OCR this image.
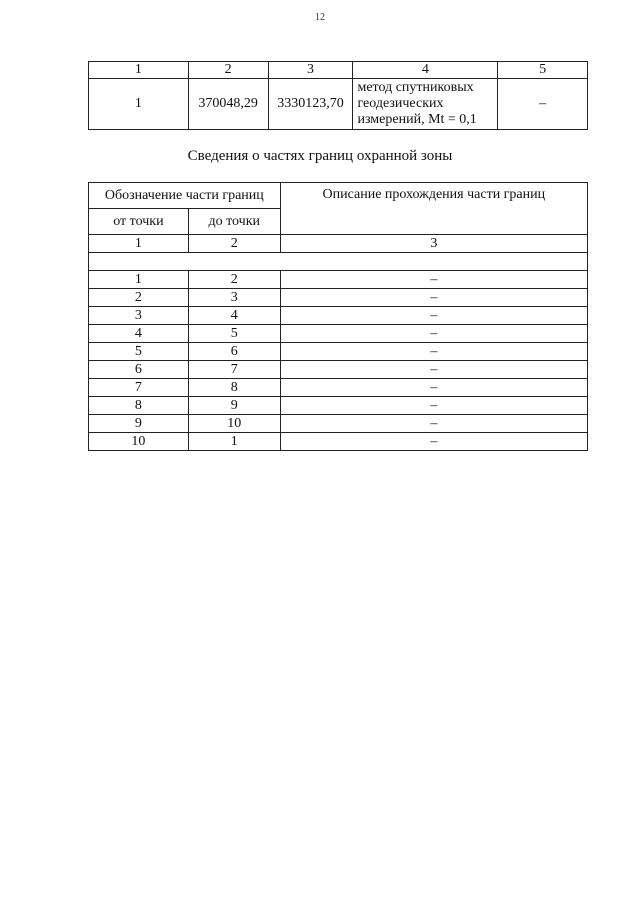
12
1	2	3	4	5
1	370048,29	3330123,70	метод спутниковых
геодезических
измерений, Mt = 0,1	–
Сведения о частях границ охранной зоны
Обозначение части границ		Описание прохождения части границ
от точки	до точки	
1	2	3

1	2	–
2	3	–
3	4	–
4	5	–
5	6	–
6	7	–
7	8	–
8	9	–
9	10	–
10	1	–
